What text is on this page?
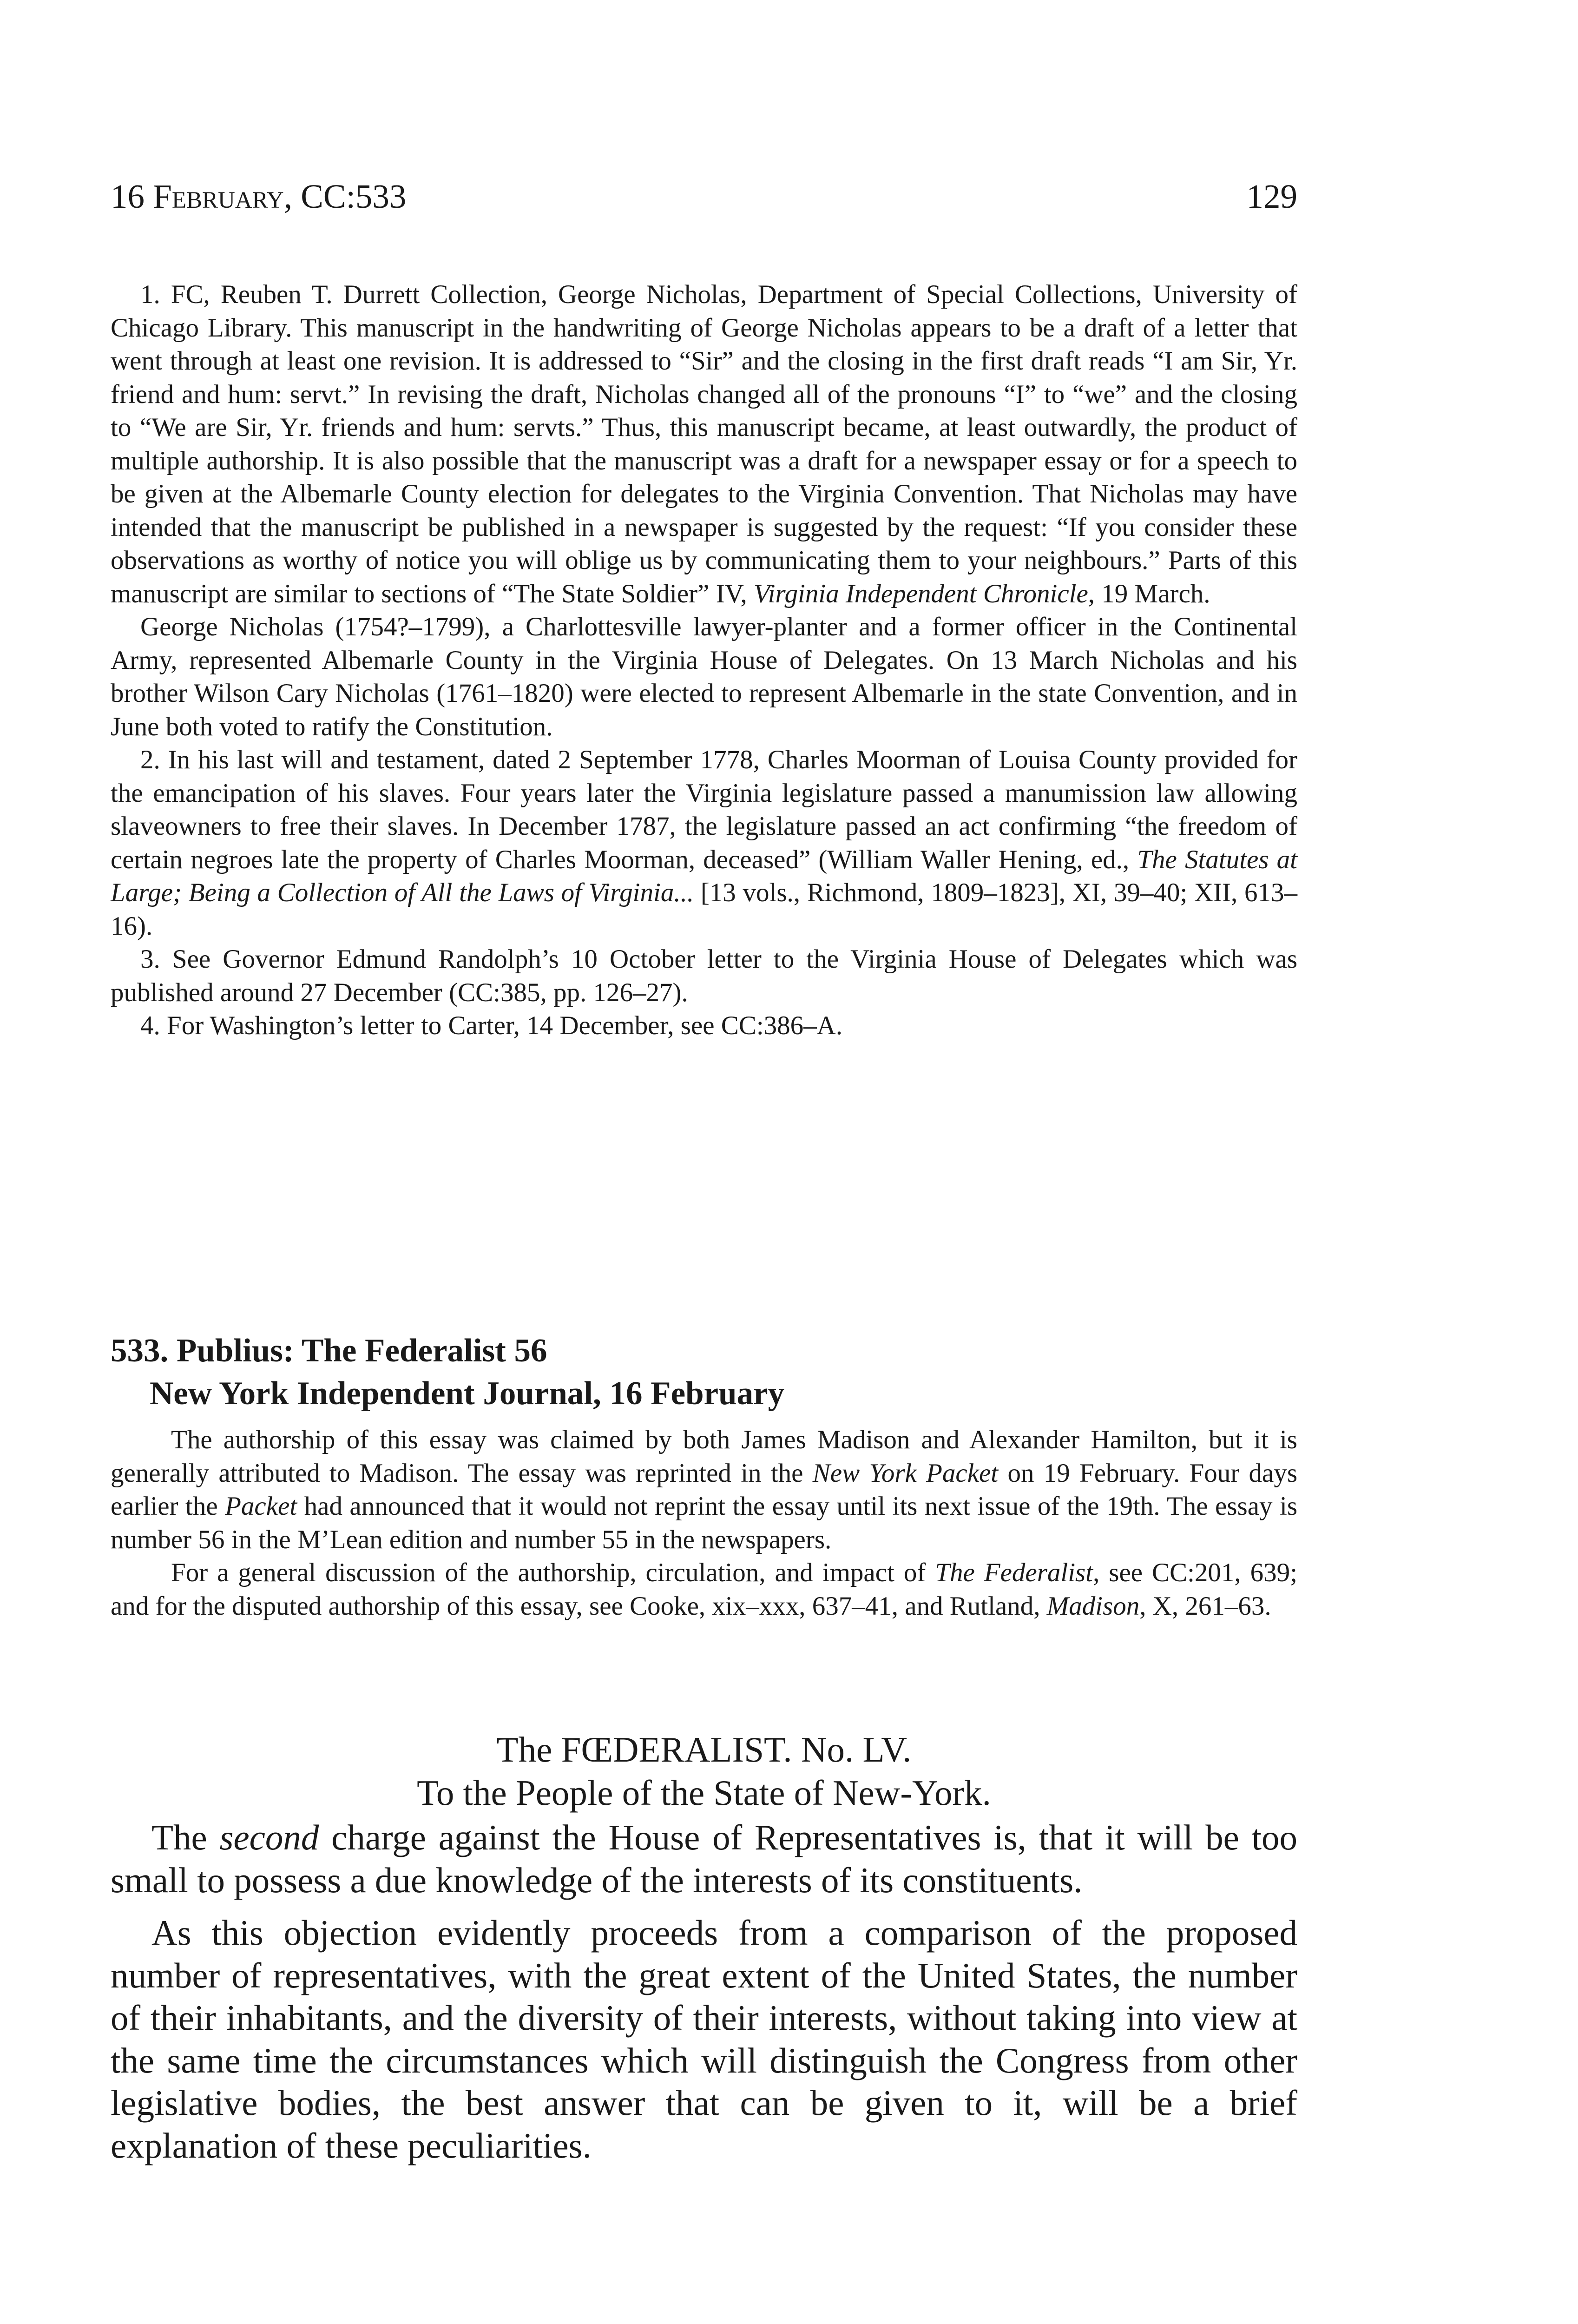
16 February, CC:533	129

1. FC, Reuben T. Durrett Collection, George Nicholas, Department of Special Collections, University of Chicago Library. This manuscript in the handwriting of George Nicholas appears to be a draft of a letter that went through at least one revision. It is addressed to “Sir” and the closing in the first draft reads “I am Sir, Yr. friend and hum: servt.” In revising the draft, Nicholas changed all of the pronouns “I” to “we” and the closing to “We are Sir, Yr. friends and hum: servts.” Thus, this manuscript became, at least outwardly, the product of multiple authorship. It is also possible that the manuscript was a draft for a newspaper essay or for a speech to be given at the Albemarle County election for delegates to the Virginia Convention. That Nicholas may have intended that the manuscript be published in a newspaper is suggested by the request: “If you consider these observations as worthy of notice you will oblige us by communicating them to your neighbours.” Parts of this manuscript are similar to sections of “The State Soldier” IV, Virginia Independent Chronicle, 19 March.

George Nicholas (1754?–1799), a Charlottesville lawyer-planter and a former officer in the Continental Army, represented Albemarle County in the Virginia House of Delegates. On 13 March Nicholas and his brother Wilson Cary Nicholas (1761–1820) were elected to represent Albemarle in the state Convention, and in June both voted to ratify the Constitution.

2. In his last will and testament, dated 2 September 1778, Charles Moorman of Louisa County provided for the emancipation of his slaves. Four years later the Virginia legislature passed a manumission law allowing slaveowners to free their slaves. In December 1787, the legislature passed an act confirming “the freedom of certain negroes late the property of Charles Moorman, deceased” (William Waller Hening, ed., The Statutes at Large; Being a Collection of All the Laws of Virginia... [13 vols., Richmond, 1809–1823], XI, 39–40; XII, 613–16).

3. See Governor Edmund Randolph’s 10 October letter to the Virginia House of Delegates which was published around 27 December (CC:385, pp. 126–27).

4. For Washington’s letter to Carter, 14 December, see CC:386–A.

533. Publius: The Federalist 56
New York Independent Journal, 16 February

The authorship of this essay was claimed by both James Madison and Alexander Hamilton, but it is generally attributed to Madison. The essay was reprinted in the New York Packet on 19 February. Four days earlier the Packet had announced that it would not reprint the essay until its next issue of the 19th. The essay is number 56 in the M’Lean edition and number 55 in the newspapers.

For a general discussion of the authorship, circulation, and impact of The Federalist, see CC:201, 639; and for the disputed authorship of this essay, see Cooke, xix–xxx, 637–41, and Rutland, Madison, X, 261–63.

The FŒDERALIST. No. LV.
To the People of the State of New-York.

The second charge against the House of Representatives is, that it will be too small to possess a due knowledge of the interests of its constituents.

As this objection evidently proceeds from a comparison of the proposed number of representatives, with the great extent of the United States, the number of their inhabitants, and the diversity of their interests, without taking into view at the same time the circumstances which will distinguish the Congress from other legislative bodies, the best answer that can be given to it, will be a brief explanation of these peculiarities.
